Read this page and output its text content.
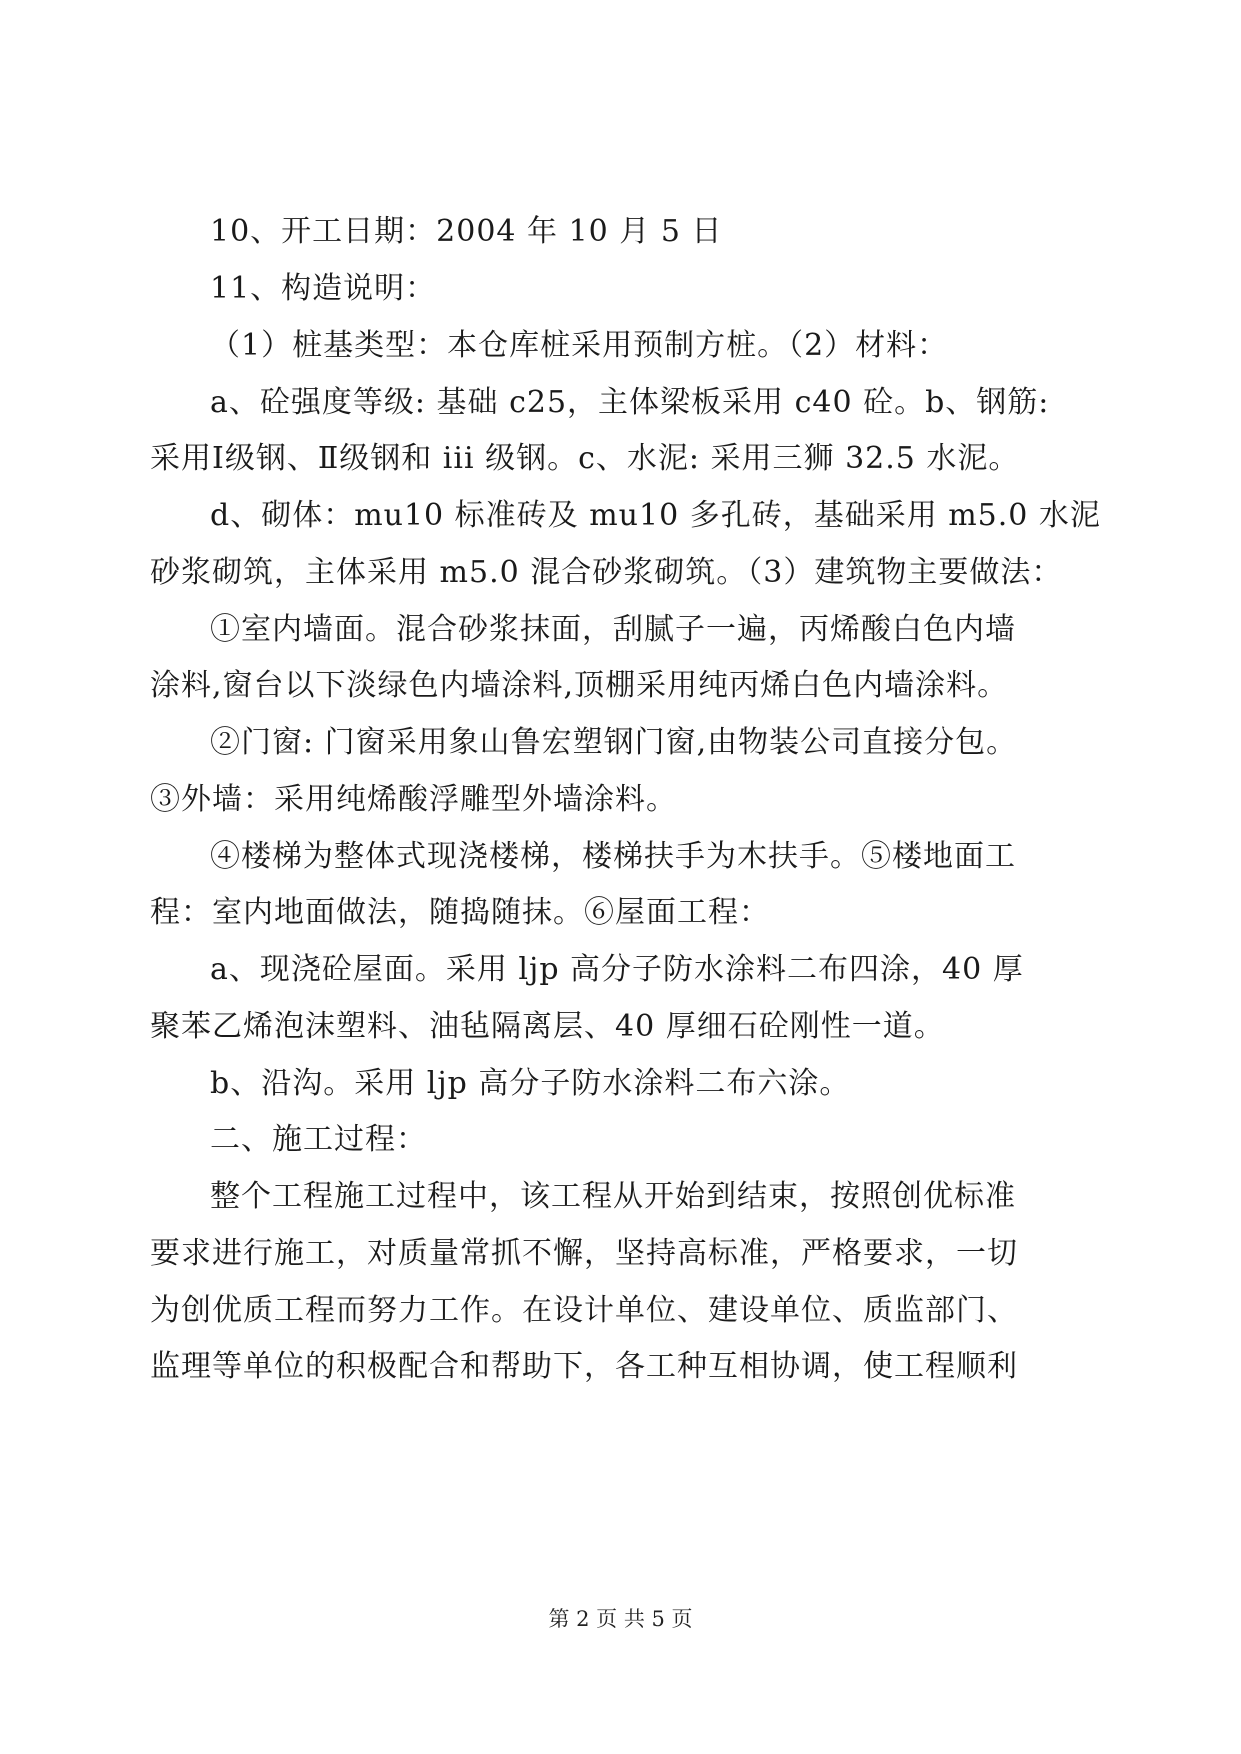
10、开工日期：2004 年 10 月 5 日
11、构造说明：
（1）桩基类型：本仓库桩采用预制方桩。（2）材料：
a、砼强度等级: 基础 c25，主体梁板采用 c40 砼。b、钢筋:
采用Ⅰ级钢、Ⅱ级钢和 iii 级钢。c、水泥: 采用三狮 32.5 水泥。
d、砌体：mu10 标准砖及 mu10 多孔砖，基础采用 m5.0 水泥
砂浆砌筑，主体采用 m5.0 混合砂浆砌筑。（3）建筑物主要做法：
①室内墙面。混合砂浆抹面，刮腻子一遍，丙烯酸白色内墙
涂料,窗台以下淡绿色内墙涂料,顶棚采用纯丙烯白色内墙涂料。
②门窗: 门窗采用象山鲁宏塑钢门窗,由物装公司直接分包。
③外墙：采用纯烯酸浮雕型外墙涂料。
④楼梯为整体式现浇楼梯，楼梯扶手为木扶手。⑤楼地面工
程：室内地面做法，随捣随抹。⑥屋面工程：
a、现浇砼屋面。采用 ljp 高分子防水涂料二布四涂，40 厚
聚苯乙烯泡沫塑料、油毡隔离层、40 厚细石砼刚性一道。
b、沿沟。采用 ljp 高分子防水涂料二布六涂。
二、施工过程：
整个工程施工过程中，该工程从开始到结束，按照创优标准
要求进行施工，对质量常抓不懈，坚持高标准，严格要求，一切
为创优质工程而努力工作。在设计单位、建设单位、质监部门、
监理等单位的积极配合和帮助下，各工种互相协调，使工程顺利
第 2 页 共 5 页
